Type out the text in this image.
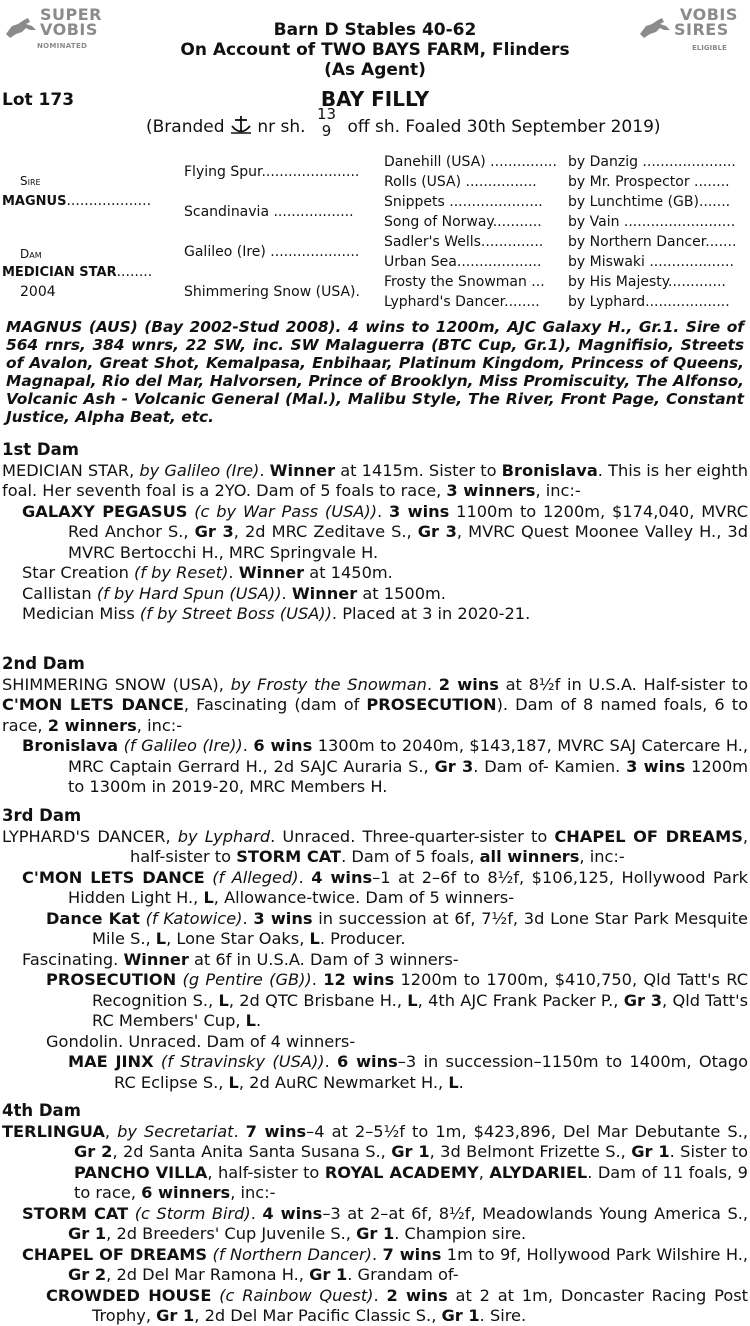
SUPER
VOBIS
NOMINATED
VOBIS
SIRES
ELIGIBLE
Barn D Stables 40-62
On Account of TWO BAYS FARM, Flinders
(As Agent)
Lot 173	BAY FILLY
(Branded nr sh.
13
9 off sh. Foaled 30th September 2019)
Sire
MAGNUS...................
Dam
MEDICIAN STAR........
2004
Flying Spur......................
Scandinavia ..................
Galileo (Ire) ....................
Shimmering Snow (USA).
Danehill (USA) ...............
Rolls (USA) ................
Snippets .....................
Song of Norway...........
Sadler's Wells..............
Urban Sea...................
Frosty the Snowman ...
Lyphard's Dancer........
by Danzig .....................
by Mr. Prospector ........
by Lunchtime (GB).......
by Vain .........................
by Northern Dancer.......
by Miswaki ...................
by His Majesty.............
by Lyphard...................
MAGNUS (AUS) (Bay 2002-Stud 2008). 4 wins to 1200m, AJC Galaxy H., Gr.1. Sire of 564 rnrs, 384 wnrs, 22 SW, inc. SW Malaguerra (BTC Cup, Gr.1), Magnifisio, Streets of Avalon, Great Shot, Kemalpasa, Enbihaar, Platinum Kingdom, Princess of Queens, Magnapal, Rio del Mar, Halvorsen, Prince of Brooklyn, Miss Promiscuity, The Alfonso, Volcanic Ash - Volcanic General (Mal.), Malibu Style, The River, Front Page, Constant Justice, Alpha Beat, etc.
1st Dam
MEDICIAN STAR, by Galileo (Ire). Winner at 1415m. Sister to Bronislava. This is her eighth foal. Her seventh foal is a 2YO. Dam of 5 foals to race, 3 winners, inc:-
GALAXY PEGASUS (c by War Pass (USA)). 3 wins 1100m to 1200m, $174,040, MVRC Red Anchor S., Gr 3, 2d MRC Zeditave S., Gr 3, MVRC Quest Moonee Valley H., 3d MVRC Bertocchi H., MRC Springvale H.
Star Creation (f by Reset). Winner at 1450m.
Callistan (f by Hard Spun (USA)). Winner at 1500m.
Medician Miss (f by Street Boss (USA)). Placed at 3 in 2020-21.
2nd Dam
SHIMMERING SNOW (USA), by Frosty the Snowman. 2 wins at 8½f in U.S.A. Half-sister to C'MON LETS DANCE, Fascinating (dam of PROSECUTION). Dam of 8 named foals, 6 to race, 2 winners, inc:-
Bronislava (f Galileo (Ire)). 6 wins 1300m to 2040m, $143,187, MVRC SAJ Catercare H., MRC Captain Gerrard H., 2d SAJC Auraria S., Gr 3. Dam of- Kamien. 3 wins 1200m to 1300m in 2019-20, MRC Members H.
3rd Dam
LYPHARD'S DANCER, by Lyphard. Unraced. Three-quarter-sister to CHAPEL OF DREAMS, half-sister to STORM CAT. Dam of 5 foals, all winners, inc:-
C'MON LETS DANCE (f Alleged). 4 wins–1 at 2–6f to 8½f, $106,125, Hollywood Park Hidden Light H., L, Allowance-twice. Dam of 5 winners-
Dance Kat (f Katowice). 3 wins in succession at 6f, 7½f, 3d Lone Star Park Mesquite Mile S., L, Lone Star Oaks, L. Producer.
Fascinating. Winner at 6f in U.S.A. Dam of 3 winners-
PROSECUTION (g Pentire (GB)). 12 wins 1200m to 1700m, $410,750, Qld Tatt's RC Recognition S., L, 2d QTC Brisbane H., L, 4th AJC Frank Packer P., Gr 3, Qld Tatt's RC Members' Cup, L.
Gondolin. Unraced. Dam of 4 winners-
MAE JINX (f Stravinsky (USA)). 6 wins–3 in succession–1150m to 1400m, Otago RC Eclipse S., L, 2d AuRC Newmarket H., L.
4th Dam
TERLINGUA, by Secretariat. 7 wins–4 at 2–5½f to 1m, $423,896, Del Mar Debutante S., Gr 2, 2d Santa Anita Santa Susana S., Gr 1, 3d Belmont Frizette S., Gr 1. Sister to PANCHO VILLA, half-sister to ROYAL ACADEMY, ALYDARIEL. Dam of 11 foals, 9 to race, 6 winners, inc:-
STORM CAT (c Storm Bird). 4 wins–3 at 2–at 6f, 8½f, Meadowlands Young America S., Gr 1, 2d Breeders' Cup Juvenile S., Gr 1. Champion sire.
CHAPEL OF DREAMS (f Northern Dancer). 7 wins 1m to 9f, Hollywood Park Wilshire H., Gr 2, 2d Del Mar Ramona H., Gr 1. Grandam of-
CROWDED HOUSE (c Rainbow Quest). 2 wins at 2 at 1m, Doncaster Racing Post Trophy, Gr 1, 2d Del Mar Pacific Classic S., Gr 1. Sire.
